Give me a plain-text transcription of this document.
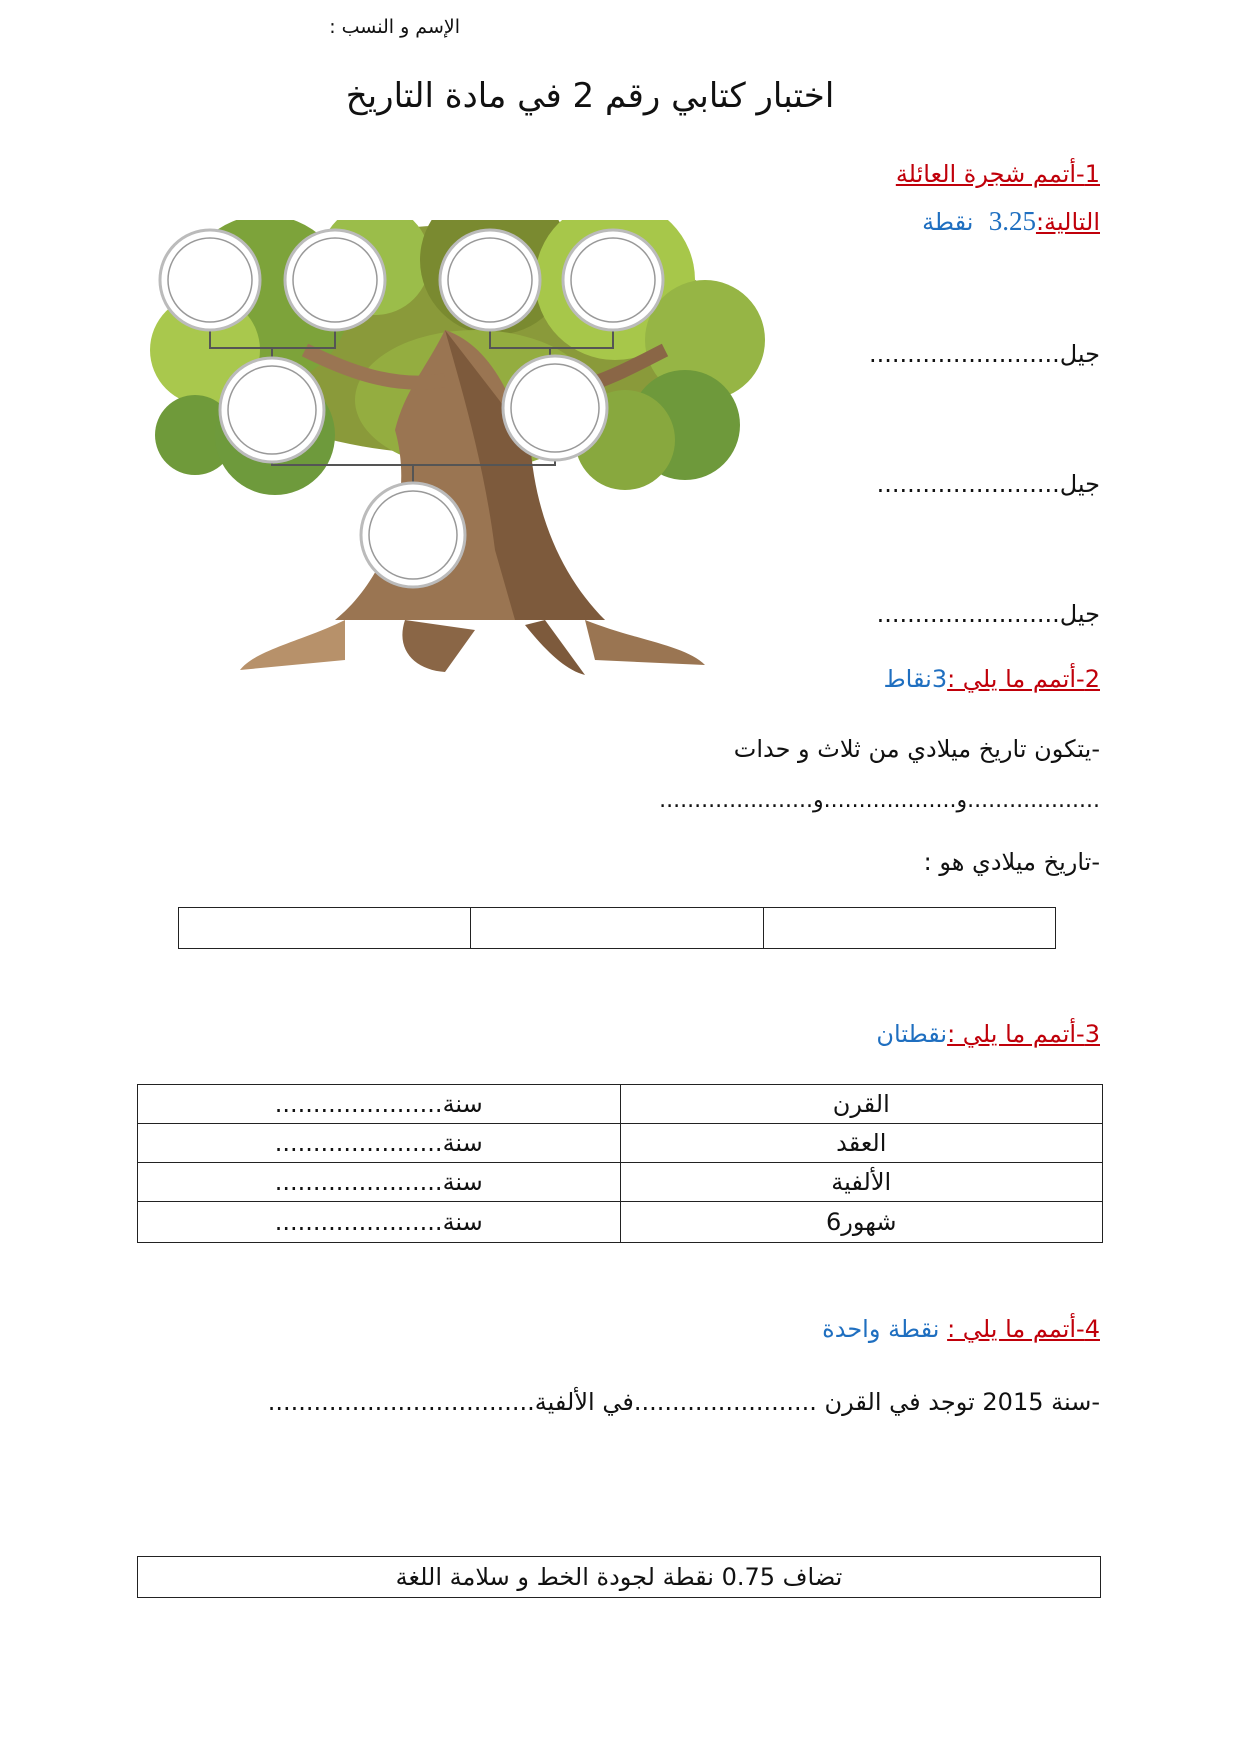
الإسم و النسب :
اختبار كتابي رقم 2 في مادة التاريخ
1-أتمم شجرة العائلة
التالية:3.25  نقطة
جيل.........................
جيل........................
جيل........................
2-أتمم ما يلي :3نقاط
-يتكون تاريخ ميلادي من ثلاث و حدات
...................و...................و......................
-تاريخ ميلادي هو :

3-أتمم ما يلي :نقطتان
......................سنة	القرن
......................سنة	العقد
......................سنة	الألفية
......................سنة	6شهور
4-أتمم ما يلي : نقطة واحدة
-سنة 2015 توجد في القرن ........................في الألفية...................................
تضاف 0.75 نقطة لجودة الخط و سلامة اللغة
